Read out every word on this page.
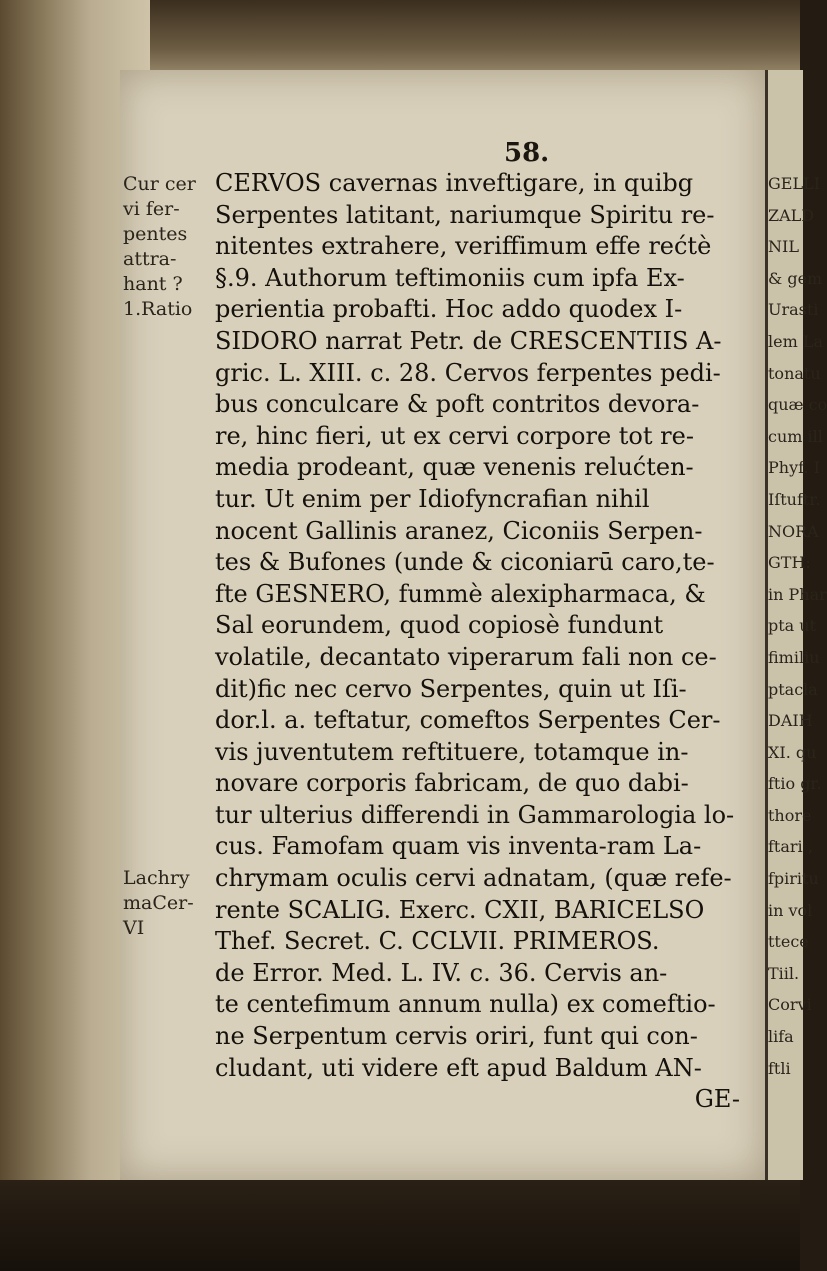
58.
Cur cer
vi fer-
pentes
attra-
hant ?
1.Ratio
Lachry
maCer-
VI
CERVOS cavernas inveftigare, in quibg
Serpentes latitant, nariumque Spiritu re-
nitentes extrahere, veriffimum effe rećtè
§.9. Authorum teftimoniis cum ipfa Ex-
perientia probafti. Hoc addo quodex I-
SIDORO narrat Petr. de CRESCENTIIS A-
gric. L. XIII. c. 28. Cervos ferpentes pedi-
bus conculcare & poft contritos devora-
re, hinc fieri, ut ex cervi corpore tot re-
media prodeant, quæ venenis relućten-
tur. Ut enim per Idiofyncrafian nihil
nocent Gallinis aranez, Ciconiis Serpen-
tes & Bufones (unde & ciconiarū caro,te-
fte GESNERO, fummè alexipharmaca, &
Sal eorundem, quod copiosè fundunt
volatile, decantato viperarum fali non ce-
dit)fic nec cervo Serpentes, quin ut Iſi-
dor.l. a. teftatur, comeftos Serpentes Cer-
vis juventutem reftituere, totamque in-
novare corporis fabricam, de quo dabi-
tur ulterius differendi in Gammarologia lo-
cus. Famofam quam vis inventa-ram La-
chrymam oculis cervi adnatam, (quæ refe-
rente SCALIG. Exerc. CXII, BARICELSO
Thef. Secret. C. CCLVII. PRIMEROS.
de Error. Med. L. IV. c. 36. Cervis an-
te centefimum annum nulla) ex comeftio-
ne Serpentum cervis oriri, funt qui con-
cludant, uti videre eft apud Baldum AN-
GE-
GELLI
ZALD
NIL
& gem
Urasti
lem La
tonatu
quæ co
cum ill
Phyf. I
Iſtuftr.
NORA
GTH:
in Phar
pta ut
fimiliu
ptacla
DAIH
XI. qu
ftio gr.
thore
ftari ,
fpiritu
in vol
ttece
Tiil.
Corvi
lifa
ftli
